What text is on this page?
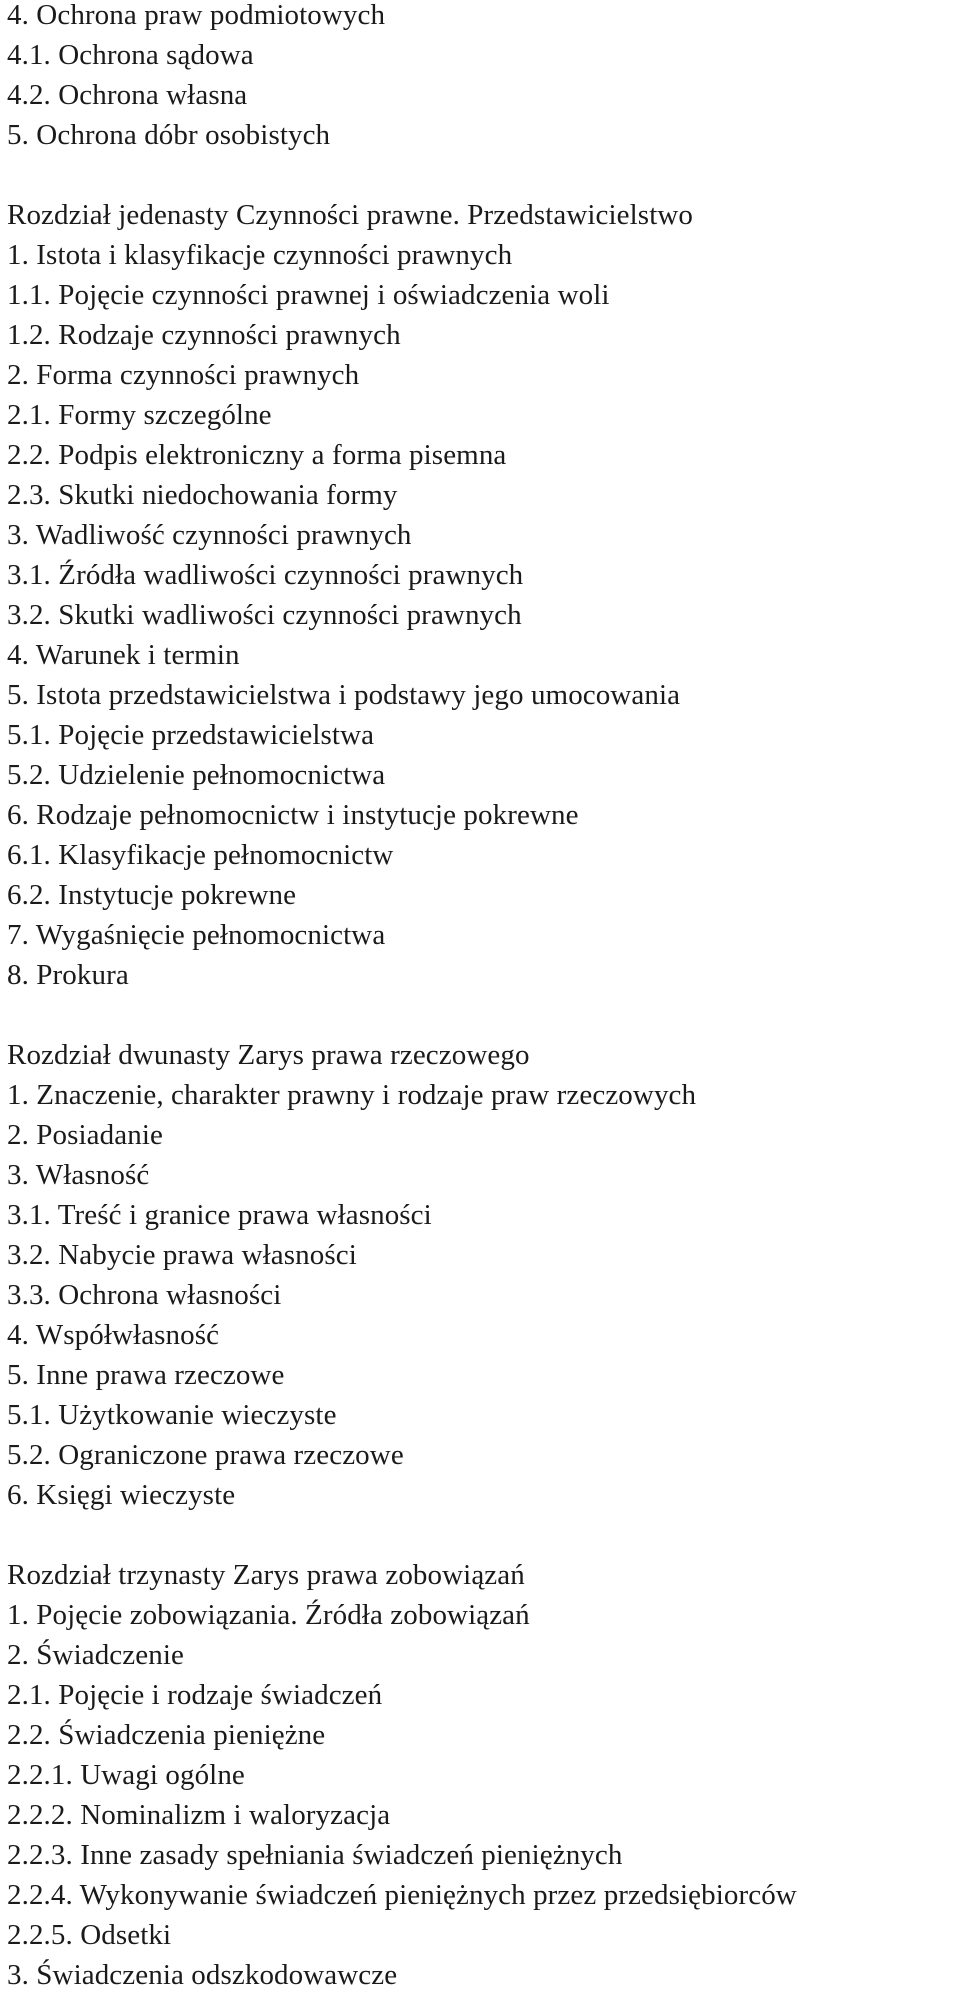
4. Ochrona praw podmiotowych
4.1. Ochrona sądowa
4.2. Ochrona własna
5. Ochrona dóbr osobistych
Rozdział jedenasty Czynności prawne. Przedstawicielstwo
1. Istota i klasyfikacje czynności prawnych
1.1. Pojęcie czynności prawnej i oświadczenia woli
1.2. Rodzaje czynności prawnych
2. Forma czynności prawnych
2.1. Formy szczególne
2.2. Podpis elektroniczny a forma pisemna
2.3. Skutki niedochowania formy
3. Wadliwość czynności prawnych
3.1. Źródła wadliwości czynności prawnych
3.2. Skutki wadliwości czynności prawnych
4. Warunek i termin
5. Istota przedstawicielstwa i podstawy jego umocowania
5.1. Pojęcie przedstawicielstwa
5.2. Udzielenie pełnomocnictwa
6. Rodzaje pełnomocnictw i instytucje pokrewne
6.1. Klasyfikacje pełnomocnictw
6.2. Instytucje pokrewne
7. Wygaśnięcie pełnomocnictwa
8. Prokura
Rozdział dwunasty Zarys prawa rzeczowego
1. Znaczenie, charakter prawny i rodzaje praw rzeczowych
2. Posiadanie
3. Własność
3.1. Treść i granice prawa własności
3.2. Nabycie prawa własności
3.3. Ochrona własności
4. Współwłasność
5. Inne prawa rzeczowe
5.1. Użytkowanie wieczyste
5.2. Ograniczone prawa rzeczowe
6. Księgi wieczyste
Rozdział trzynasty Zarys prawa zobowiązań
1. Pojęcie zobowiązania. Źródła zobowiązań
2. Świadczenie
2.1. Pojęcie i rodzaje świadczeń
2.2. Świadczenia pieniężne
2.2.1. Uwagi ogólne
2.2.2. Nominalizm i waloryzacja
2.2.3. Inne zasady spełniania świadczeń pieniężnych
2.2.4. Wykonywanie świadczeń pieniężnych przez przedsiębiorców
2.2.5. Odsetki
3. Świadczenia odszkodowawcze
